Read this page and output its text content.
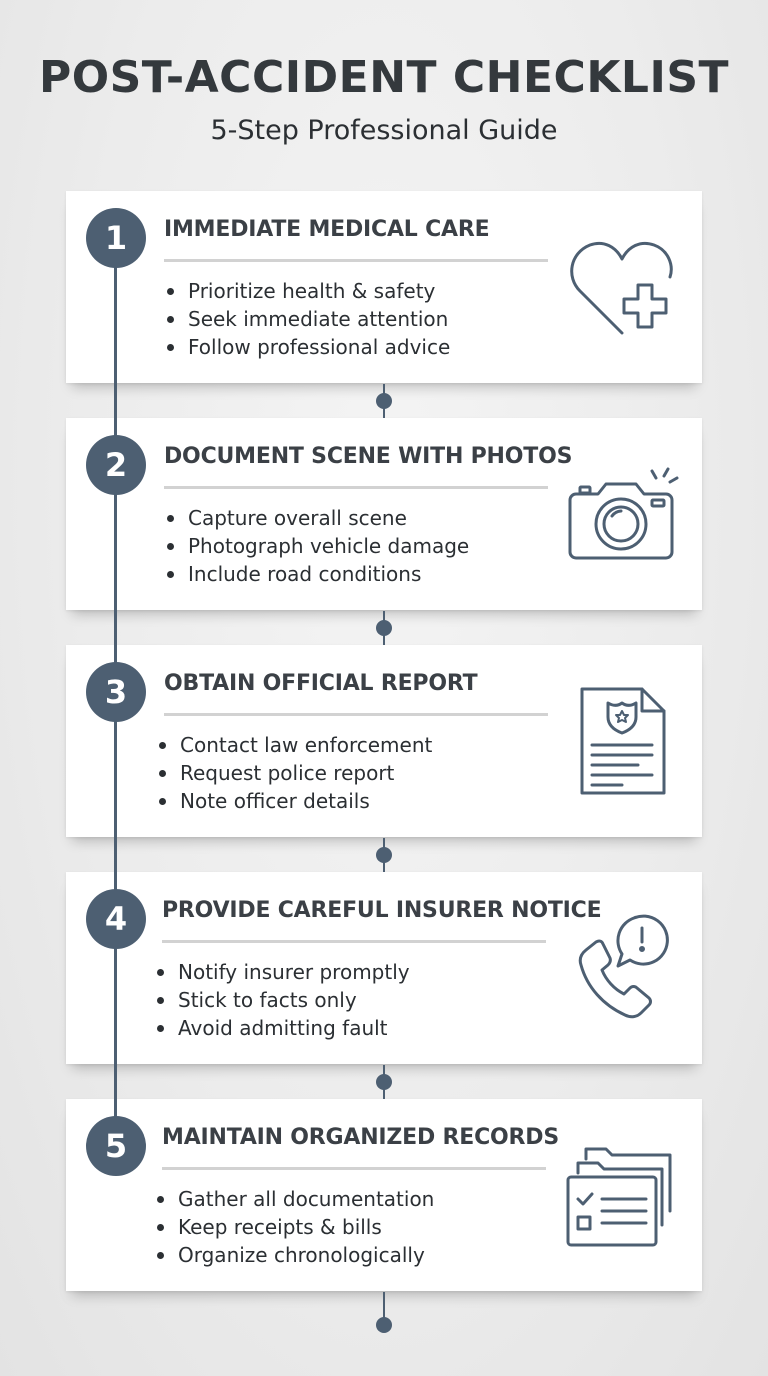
POST-ACCIDENT CHECKLIST

5-Step Professional Guide

IMMEDIATE MEDICAL CARE
Prioritize health & safety
Seek immediate attention
Follow professional advice
DOCUMENT SCENE WITH PHOTOS
Capture overall scene
Photograph vehicle damage
Include road conditions
OBTAIN OFFICIAL REPORT
Contact law enforcement
Request police report
Note officer details
PROVIDE CAREFUL INSURER NOTICE
Notify insurer promptly
Stick to facts only
Avoid admitting fault
MAINTAIN ORGANIZED RECORDS
Gather all documentation
Keep receipts & bills
Organize chronologically
1
2
3
4
5
